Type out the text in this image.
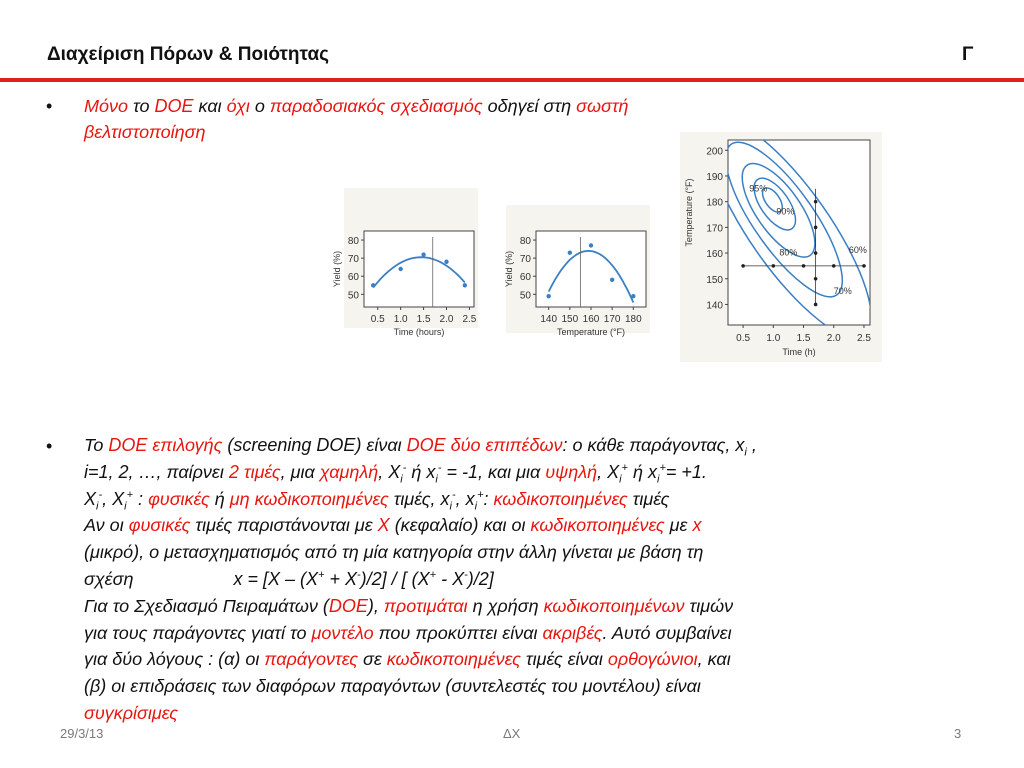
Διαχείριση Πόρων & Ποιότητας	Γ
• Μόνο το DOE και όχι ο παραδοσιακός σχεδιασμός οδηγεί στη σωστή
βελτιστοποίηση
0.5 1.0 1.5 2.0 2.5
50
60
70
80
Time (hours)
Yield (%)
140 150 160 170 180
50
60
70
80
Temperature (°F)
Yield (%)
0.5 1.0 1.5 2.0 2.5
140
150
160
170
180
190
200
Time (h)
Temperature (°F)	95%
90%
80%	60%
70%
• Το DOE επιλογής (screening DOE) είναι DOE δύο επιπέδων: ο κάθε παράγοντας, $x_i$ ,
i=1, 2, …, παίρνει 2 τιμές, μια χαμηλή, $X_i^-$ ή $x_i^- = -1$, και μια υψηλή, $X_i^+$ ή $x_i^+= +1$.
$X_i^-$, $X_i^+$ : φυσικές ή μη κωδικοποιημένες τιμές, $x_i^-$, $x_i^+$: κωδικοποιημένες τιμές
Αν οι φυσικές τιμές παριστάνονται με X (κεφαλαίο) και οι κωδικοποιημένες με x
(μικρό), ο μετασχηματισμός από τη μία κατηγορία στην άλλη γίνεται με βάση τη
σχέση	x = [X – (X+ + X-)/2] / [ (X+ - X-)/2]
Για το Σχεδιασμό Πειραμάτων (DOE), προτιμάται η χρήση κωδικοποιημένων τιμών
για τους παράγοντες γιατί το μοντέλο που προκύπτει είναι ακριβές. Αυτό συμβαίνει
για δύο λόγους : (α) οι παράγοντες σε κωδικοποιημένες τιμές είναι ορθογώνιοι, και
(β) οι επιδράσεις των διαφόρων παραγόντων (συντελεστές του μοντέλου) είναι
συγκρίσιμες
29/3/13	ΔΧ	3
